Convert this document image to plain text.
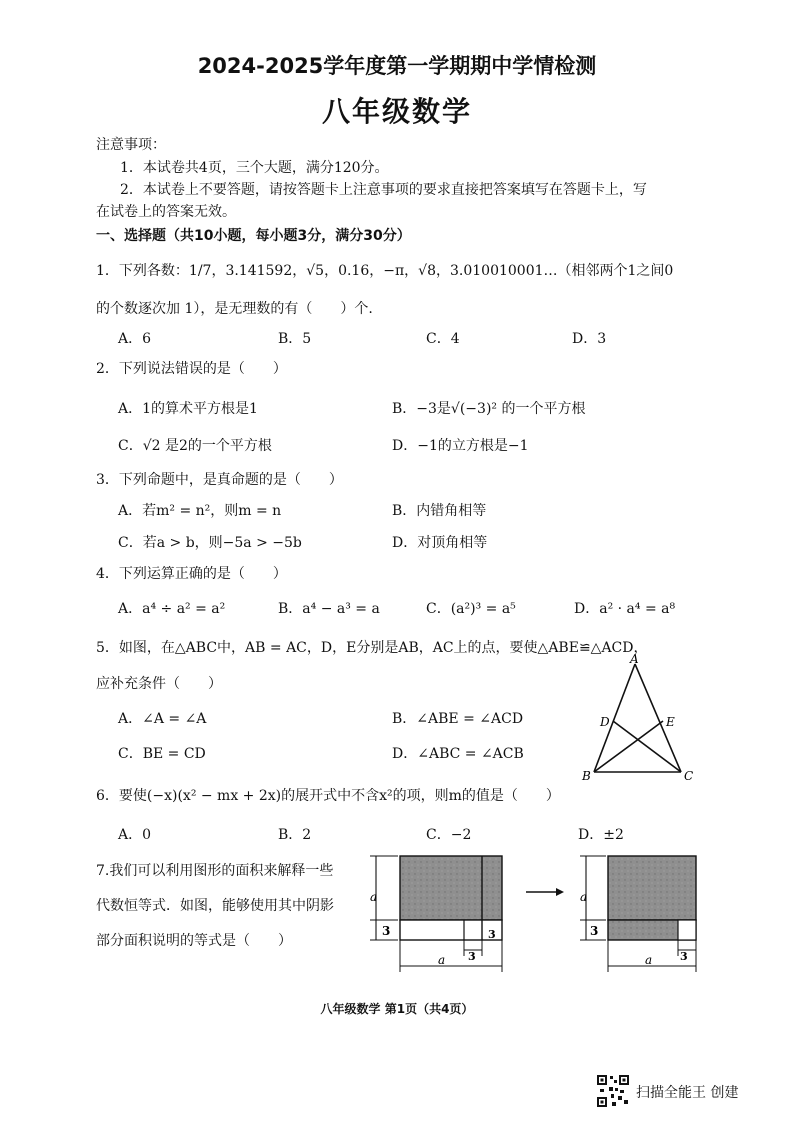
2024-2025学年度第一学期期中学情检测
八年级数学
注意事项：
1．本试卷共4页，三个大题，满分120分。
2．本试卷上不要答题，请按答题卡上注意事项的要求直接把答案填写在答题卡上，写
在试卷上的答案无效。
一、选择题（共10小题，每小题3分，满分30分）
1．下列各数：1/7，3.141592，√5，0.16，−π，√8，3.010010001…（相邻两个1之间0
的个数逐次加 1），是无理数的有（　　）个.
A．6	B．5	C．4	D．3
2．下列说法错误的是（　　）
A．1的算术平方根是1	B．−3是√(−3)² 的一个平方根
C．√2 是2的一个平方根	D．−1的立方根是−1
3．下列命题中，是真命题的是（　　）
A．若m² = n²，则m = n	B．内错角相等
C．若a > b，则−5a > −5b	D．对顶角相等
4．下列运算正确的是（　　）
A．a⁴ ÷ a² = a²	B．a⁴ − a³ = a	C．(a²)³ = a⁵	D．a² · a⁴ = a⁸
5．如图，在△ABC中，AB = AC，D，E分别是AB，AC上的点，要使△ABE≌△ACD，
应补充条件（　　）
A．∠A = ∠A	B．∠ABE = ∠ACD
C．BE = CD	D．∠ABC = ∠ACB
A
B	C
D	E
6．要使(−x)(x² − mx + 2x)的展开式中不含x²的项，则m的值是（　　）
A．0	B．2	C．−2	D．±2
7.我们可以利用图形的面积来解释一些
代数恒等式．如图，能够使用其中阴影
部分面积说明的等式是（　　）
a
3
a 3
3
a
3
a	3
八年级数学 第1页（共4页）
扫描全能王 创建
